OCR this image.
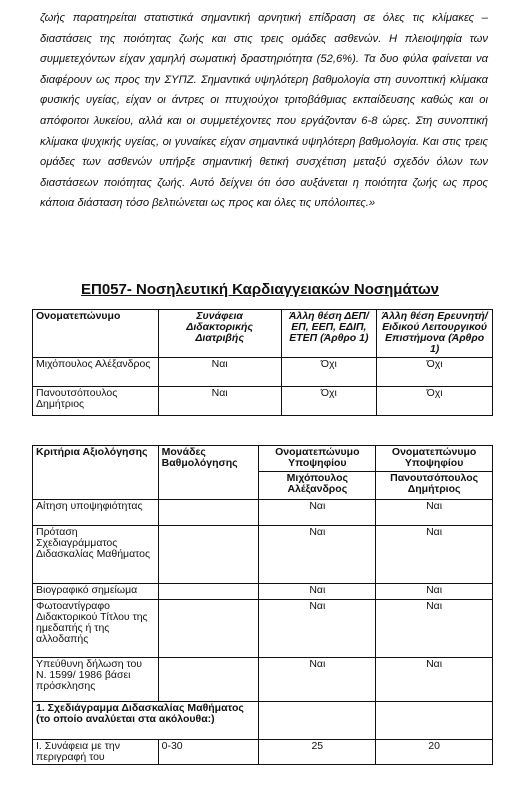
ζωής παρατηρείται στατιστικά σημαντική αρνητική επίδραση σε όλες τις κλίμακες – διαστάσεις της ποιότητας ζωής και στις τρεις ομάδες ασθενών. Η πλειοψηφία των συμμετεχόντων είχαν χαμηλή σωματική δραστηριότητα (52,6%). Τα δυο φύλα φαίνεται να διαφέρουν ως προς την ΣΥΠΖ. Σημαντικά υψηλότερη βαθμολογία στη συνοπτική κλίμακα φυσικής υγείας, είχαν οι άντρες οι πτυχιούχοι τριτοβάθμιας εκπαίδευσης καθώς και οι απόφοιτοι λυκείου, αλλά και οι συμμετέχοντες που εργάζονταν 6-8 ώρες. Στη συνοπτική κλίμακα ψυχικής υγείας, οι γυναίκες είχαν σημαντικά υψηλότερη βαθμολογία. Και στις τρεις ομάδες των ασθενών υπήρξε σημαντική θετική συσχέτιση μεταξύ σχεδόν όλων των διαστάσεων ποιότητας ζωής. Αυτό δείχνει ότι όσο αυξάνεται η ποιότητα ζωής ως προς κάποια διάσταση τόσο βελτιώνεται ως προς και όλες τις υπόλοιπες.»

ΕΠ057- Νοσηλευτική Καρδιαγγειακών Νοσημάτων
Ονοματεπώνυμο	Συνάφεια Διδακτορικής Διατριβής	Άλλη θέση ΔΕΠ/ΕΠ, ΕΕΠ, ΕΔΙΠ, ΕΤΕΠ (Άρθρο 1)	Άλλη θέση Ερευνητή/ Ειδικού Λειτουργικού Επιστήμονα (Άρθρο 1)
Μιχόπουλος Αλέξανδρος	Ναι	Όχι	Όχι
Πανουτσόπουλος Δημήτριος	Ναι	Όχι	Όχι
Κριτήρια Αξιολόγησης	Μονάδες Βαθμολόγησης	Ονοματεπώνυμο Υποψηφίου	Ονοματεπώνυμο Υποψηφίου
		Μιχόπουλος Αλέξανδρος	Πανουτσόπουλος Δημήτριος
Αίτηση υποψηφιότητας		Ναι	Ναι
Πρόταση Σχεδιαγράμματος Διδασκαλίας Μαθήματος		Ναι	Ναι
Βιογραφικό σημείωμα		Ναι	Ναι
Φωτοαντίγραφο Διδακτορικού Τίτλου της ημεδαπής ή της αλλοδαπής		Ναι	Ναι
Υπεύθυνη δήλωση του Ν. 1599/ 1986 βάσει πρόσκλησης		Ναι	Ναι
1. Σχεδιάγραμμα Διδασκαλίας Μαθήματος (το οποίο αναλύεται στα ακόλουθα:)			
I. Συνάφεια με την περιγραφή του	0-30	25	20
